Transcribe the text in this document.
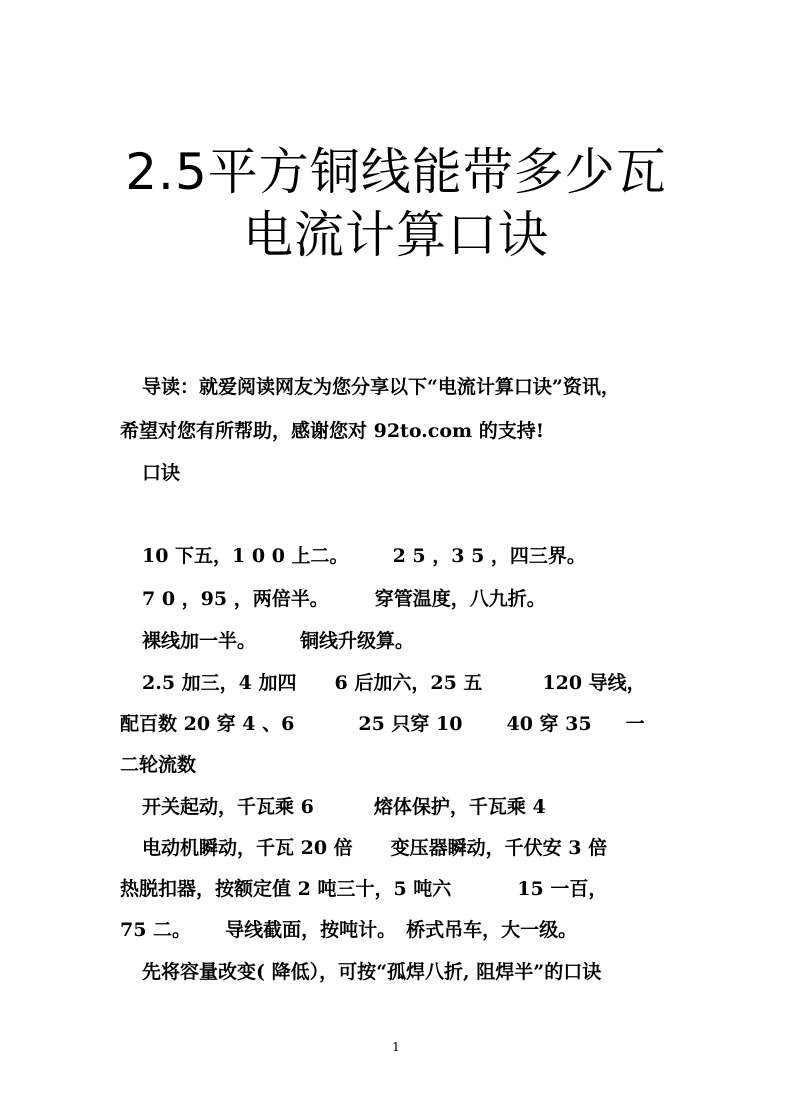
2.5平方铜线能带多少瓦
电流计算口诀
导读：就爱阅读网友为您分享以下“电流计算口诀”资讯，
希望对您有所帮助，感谢您对 92to.com 的支持!
口诀
10 下五，1 0 0 上二。 2 5 ，3 5 ，四三界。
7 0 ，95 ，两倍半。 穿管温度，八九折。
裸线加一半。 铜线升级算。
2.5 加三，4 加四 6 后加六，25 五	120 导线，
配百数 20 穿 4 、6	25 只穿 10 40 穿 35 一
二轮流数
开关起动，千瓦乘 6	熔体保护，千瓦乘 4
电动机瞬动，千瓦 20 倍 变压器瞬动，千伏安 3 倍
热脱扣器，按额定值 2 吨三十，5 吨六	15 一百，
75 二。 导线截面，按吨计。 桥式吊车，大一级。
先将容量改变( 降低），可按“孤焊八折, 阻焊半”的口诀
1
